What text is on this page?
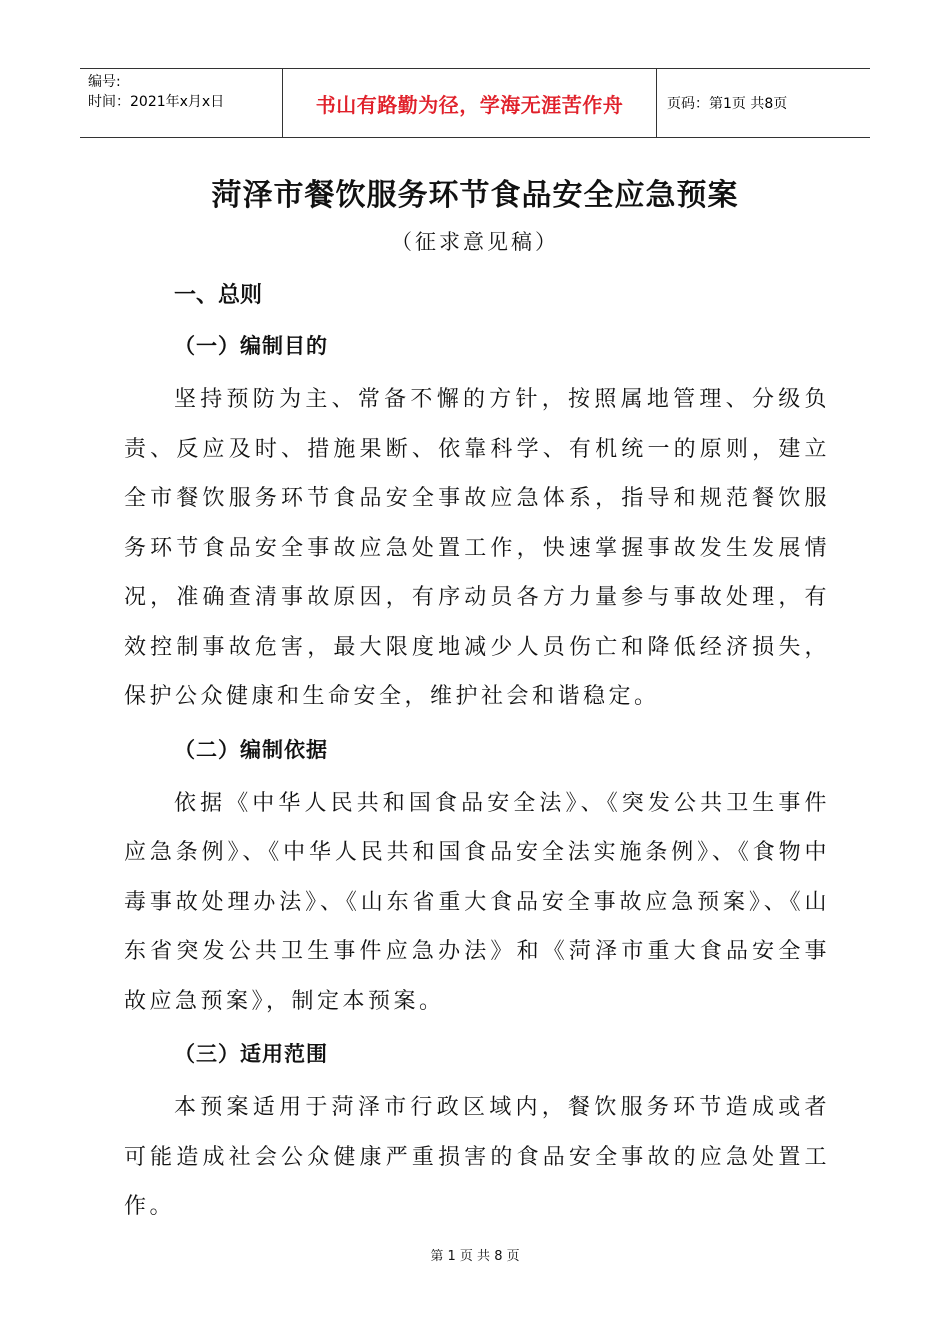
编号:
时间：2021年x月x日	书山有路勤为径，学海无涯苦作舟	页码：第1页 共8页
菏泽市餐饮服务环节食品安全应急预案
（征求意见稿）
一、总则
（一）编制目的

坚持预防为主、常备不懈的方针，按照属地管理、分级负责、反应及时、措施果断、依靠科学、有机统一的原则，建立全市餐饮服务环节食品安全事故应急体系，指导和规范餐饮服务环节食品安全事故应急处置工作，快速掌握事故发生发展情况，准确查清事故原因，有序动员各方力量参与事故处理，有效控制事故危害，最大限度地减少人员伤亡和降低经济损失，保护公众健康和生命安全，维护社会和谐稳定。

（二）编制依据

依据《中华人民共和国食品安全法》、《突发公共卫生事件应急条例》、《中华人民共和国食品安全法实施条例》、《食物中毒事故处理办法》、《山东省重大食品安全事故应急预案》、《山东省突发公共卫生事件应急办法》和《菏泽市重大食品安全事故应急预案》，制定本预案。

（三）适用范围

本预案适用于菏泽市行政区域内，餐饮服务环节造成或者可能造成社会公众健康严重损害的食品安全事故的应急处置工作。

第 1 页 共 8 页
